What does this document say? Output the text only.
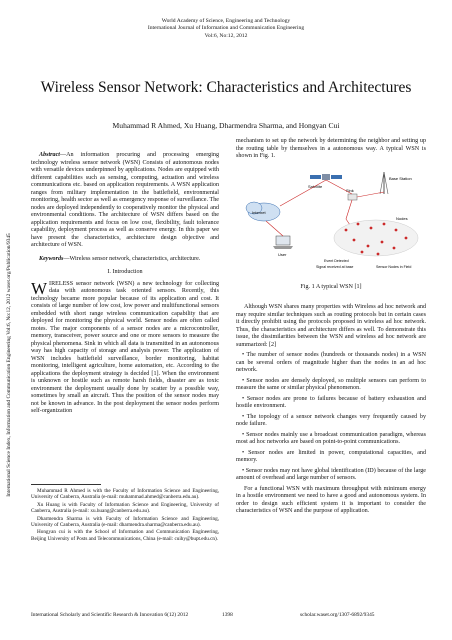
World Academy of Science, Engineering and Technology
International Journal of Information and Communication Engineering
Vol:6, No:12, 2012
Wireless Sensor Network: Characteristics and Architectures
Muhammad R Ahmed, Xu Huang, Dharmendra Sharma, and Hongyan Cui
International Science Index, Information and Communication Engineering Vol:6, No:12, 2012 waset.org/Publication/9345

Abstract—An information procuring and processing emerging technology wireless sensor network (WSN) Consists of autonomous nodes with versatile devices underpinned by applications. Nodes are equipped with different capabilities such as sensing, computing, actuation and wireless communications etc. based on application requirements. A WSN application ranges from military implementation in the battlefield, environmental monitoring, health sector as well as emergency response of surveillance. The nodes are deployed independently to cooperatively monitor the physical and environmental conditions. The architecture of WSN differs based on the application requirements and focus on low cost, flexibility, fault tolerance capability, deployment process as well as conserve energy. In this paper we have present the characteristics, architecture design objective and architecture of WSN.

Keywords—Wireless sensor network, characteristics, architecture.

I. Introduction

WIRELESS sensor network (WSN) a new technology for collecting data with autonomous task oriented sensors. Recently, this technology became more popular because of its application and cost. It consists of large number of low cost, low power and multifunctional sensors embedded with short range wireless communication capability that are deployed for monitoring the physical world. Sensor nodes are often called motes. The major components of a sensor nodes are a microcontroller, memory, transceiver, power source and one or more sensors to measure the physical phenomena. Sink in which all data is transmitted in an autonomous way has high capacity of storage and analysis power. The application of WSN includes battlefield surveillance, border monitoring, habitat monitoring, intelligent agriculture, home automation, etc. According to the applications the deployment strategy is decided [1]. When the environment is unknown or hostile such as remote harsh fields, disaster are as toxic environment the deployment usually done by scatter by a possible way, sometimes by small an aircraft. Thus the position of the sensor nodes may not be known in advance. In the post deployment the sensor nodes perform self-organization

Muhammad R Ahmed is with the Faculty of Information Science and Engineering, University of Canberra, Australia (e-mail: muhammad.ahmed@canberra.edu.au).

Xu Huang is with Faculty of Information Science and Engineering, University of Canberra, Australia (e-mail: xu.huang@canberra.edu.au).

Dharmendra Sharma is with Faculty of Information Science and Engineering, University of Canberra, Australia (e-mail: dharmendra.sharma@canberra.edu.au).

Hongyan cui is with the School of Information and Communication Engineering, Beijing University of Posts and Telecommunications, China (e-mail: cuihy@bupt.edu.cn).

mechanism to set up the network by determining the neighbor and setting up the routing table by themselves in a autonomous way. A typical WSN is shown in Fig. 1.

Satellite
Base Station
Sink
Internet
User
Nodes
Event Detected
Signal received at base	Sensor Nodes in Field
Fig. 1 A typical WSN [1]

Although WSN shares many properties with Wireless ad hoc network and may require similar techniques such as routing protocols but in certain cases it directly prohibit using the protocols proposed in wireless ad hoc network. Thus, the characteristics and architecture differs as well. To demonstrate this issue, the dissimilarities between the WSN and wireless ad hoc network are summarized: [2]

• The number of sensor nodes (hundreds or thousands nodes) in a WSN can be several orders of magnitude higher than the nodes in an ad hoc network.

• Sensor nodes are densely deployed, so multiple sensors can perform to measure the same or similar physical phenomenon.

• Sensor nodes are prone to failures because of battery exhaustion and hostile environment.

• The topology of a sensor network changes very frequently caused by node failure.

• Sensor nodes mainly use a broadcast communication paradigm, whereas most ad hoc networks are based on point-to-point communications.

• Sensor nodes are limited in power, computational capacities, and memory.

• Sensor nodes may not have global identification (ID) because of the large amount of overhead and large number of sensors.

For a functional WSN with maximum throughput with minimum energy in a hostile environment we need to have a good and autonomous system. In order to design such efficient system it is important to consider the characteristics of WSN and the purpose of application.

International Scholarly and Scientific Research & Innovation 6(12) 2012	1398	scholar.waset.org/1307-6892/9345
